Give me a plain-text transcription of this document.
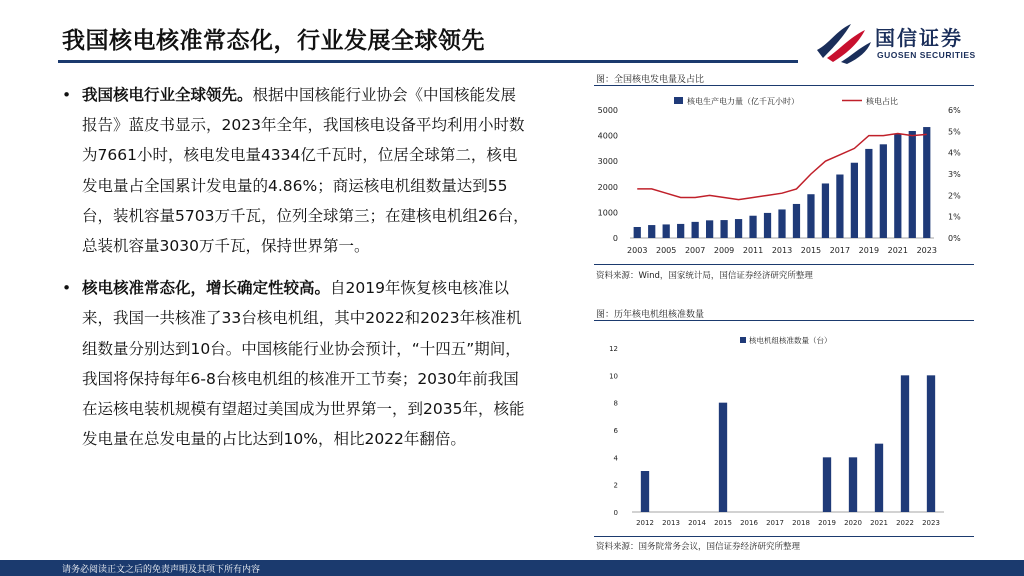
我国核电核准常态化，行业发展全球领先	国信证券
GUOSEN SECURITIES
• 我国核电行业全球领先。根据中国核能行业协会《中国核能发展报告》蓝皮书显示，2023年全年，我国核电设备平均利用小时数为7661小时，核电发电量4334亿千瓦时，位居全球第二，核电发电量占全国累计发电量的4.86%；商运核电机组数量达到55台，装机容量5703万千瓦，位列全球第三；在建核电机组26台，总装机容量3030万千瓦，保持世界第一。
• 核电核准常态化，增长确定性较高。自2019年恢复核电核准以来，我国一共核准了33台核电机组，其中2022和2023年核准机组数量分别达到10台。中国核能行业协会预计，“十四五”期间，我国将保持每年6-8台核电机组的核准开工节奏；2030年前我国在运核电装机规模有望超过美国成为世界第一，到2035年，核能发电量在总发电量的占比达到10%，相比2022年翻倍。
图：全国核电发电量及占比
0
1000
2000
3000
4000
5000
0%
1%
2%
3%
4%
5%
6%
2003 2005 2007 2009 2011 2013 2015 2017 2019 2021 2023
核电生产电力量（亿千瓦小时）	核电占比
资料来源：Wind，国家统计局，国信证券经济研究所整理
图：历年核电机组核准数量
0
2
4
6
8
10
12
2012 2013 2014 2015 2016 2017 2018 2019 2020 2021 2022 2023
核电机组核准数量（台）
资料来源：国务院常务会议，国信证券经济研究所整理
请务必阅读正文之后的免责声明及其项下所有内容
